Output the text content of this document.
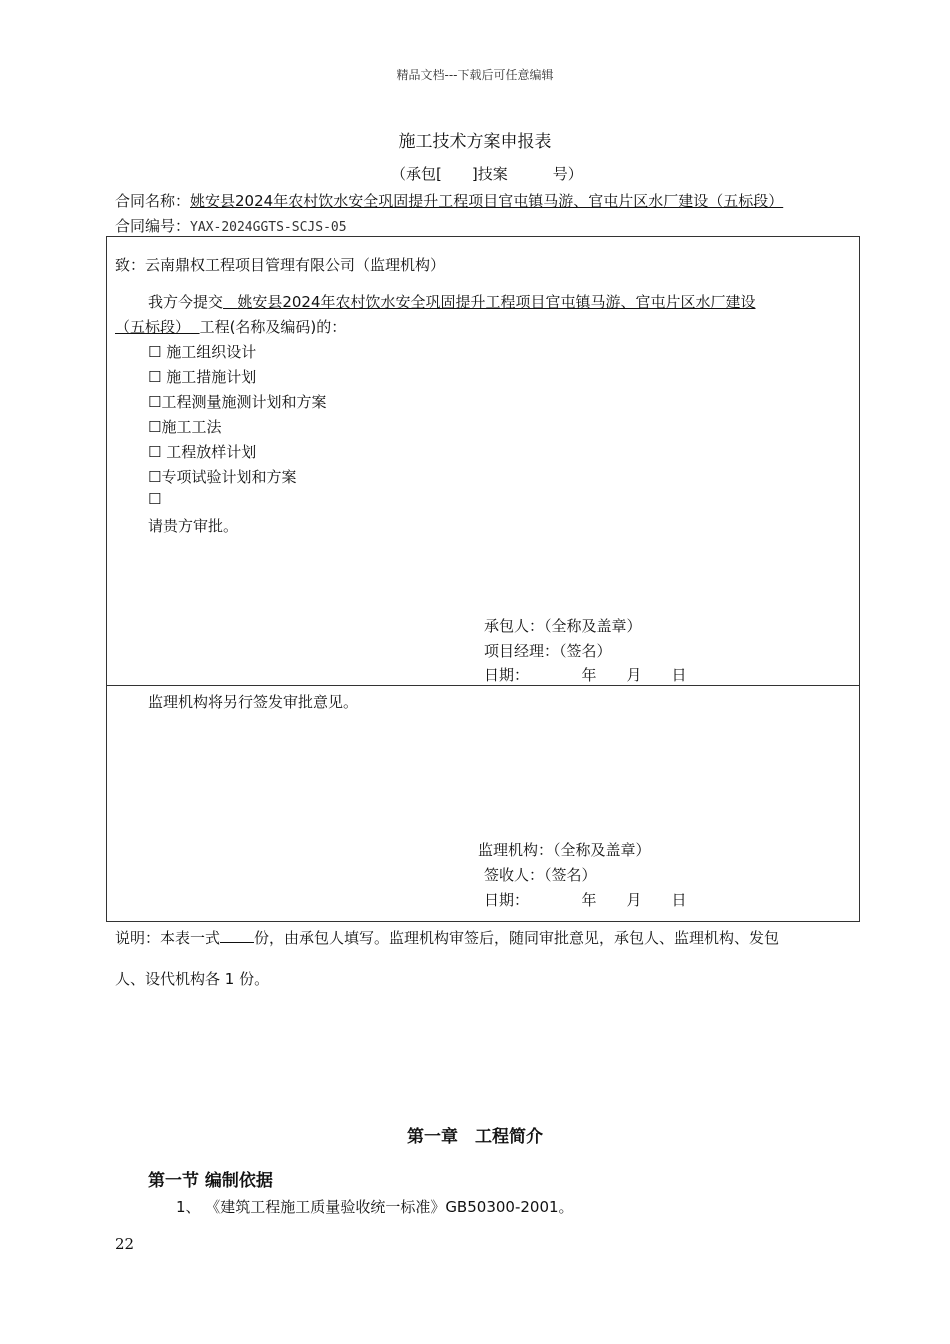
精品文档---下载后可任意编辑
施工技术方案申报表
（承包[　　]技案　　　号）
合同名称：姚安县2024年农村饮水安全巩固提升工程项目官屯镇马游、官屯片区水厂建设（五标段）
合同编号：YAX-2024GGTS-SCJS-05
致：云南鼎权工程项目管理有限公司（监理机构）
我方今提交 姚安县2024年农村饮水安全巩固提升工程项目官屯镇马游、官屯片区水厂建设
（五标段） 工程(名称及编码)的：
☐ 施工组织设计
☐ 施工措施计划
☐工程测量施测计划和方案
☐施工工法
☐ 工程放样计划
☐专项试验计划和方案
☐
请贵方审批。
承包人：（全称及盖章）
项目经理：（签名）
日期：　　　　年　　月　　日
监理机构将另行签发审批意见。
监理机构：（全称及盖章）
签收人：（签名）
日期：　　　　年　　月　　日
说明：本表一式 份，由承包人填写。监理机构审签后，随同审批意见，承包人、监理机构、发包
人、设代机构各 1 份。
第一章　工程简介
第一节 编制依据
1、 《建筑工程施工质量验收统一标准》GB50300-2001。
22
